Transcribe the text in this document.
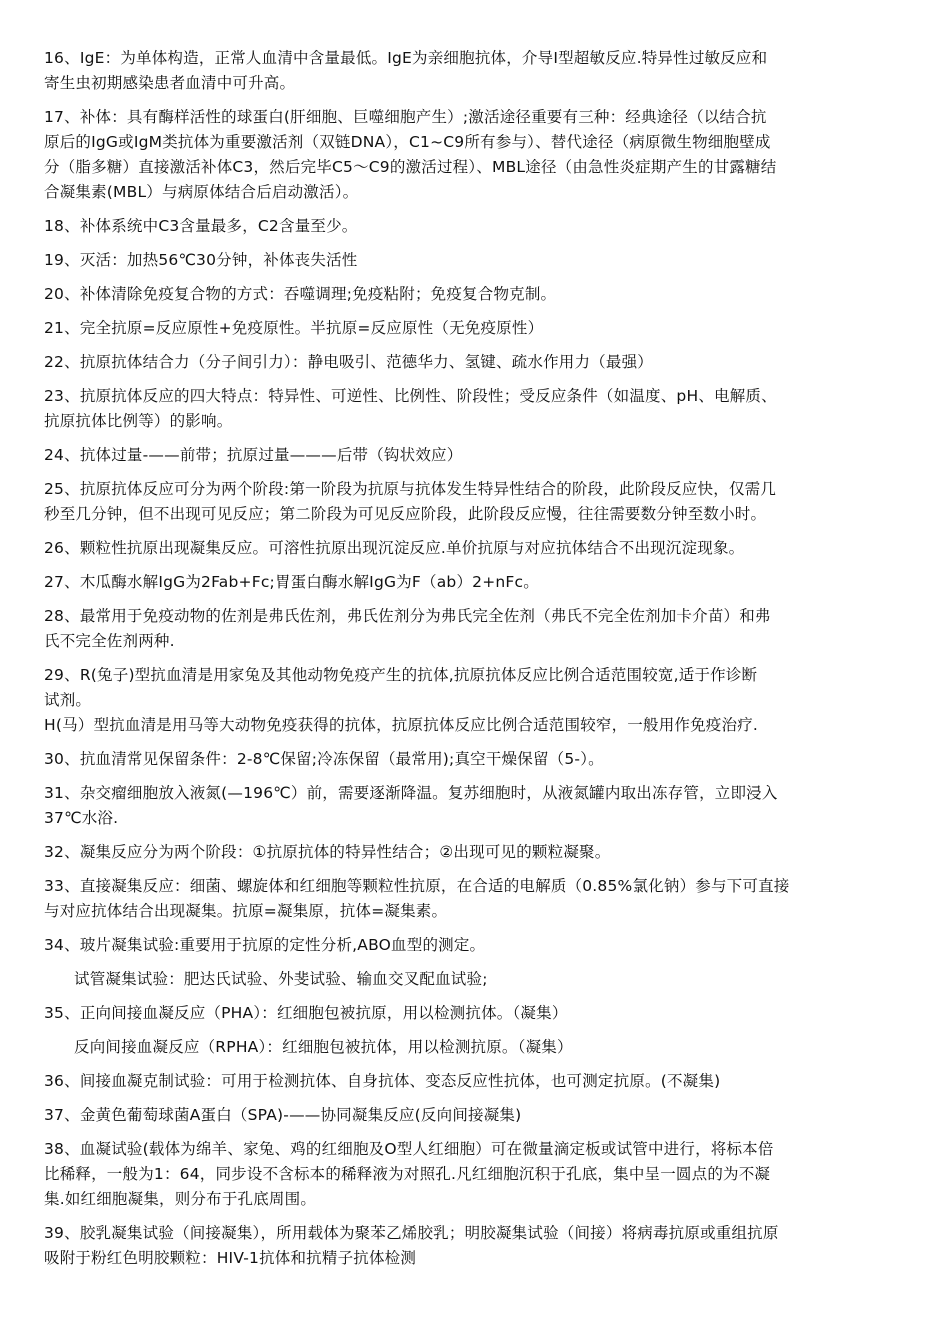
16、IgE：为单体构造，正常人血清中含量最低。IgE为亲细胞抗体，介导Ⅰ型超敏反应.特异性过敏反应和
寄生虫初期感染患者血清中可升高。
17、补体：具有酶样活性的球蛋白(肝细胞、巨噬细胞产生）;激活途径重要有三种：经典途径（以结合抗
原后的IgG或IgM类抗体为重要激活剂（双链DNA），C1~C9所有参与）、替代途径（病原微生物细胞壁成
分（脂多糖）直接激活补体C3，然后完毕C5～C9的激活过程）、MBL途径（由急性炎症期产生的甘露糖结
合凝集素(MBL）与病原体结合后启动激活）。
18、补体系统中C3含量最多，C2含量至少。
19、灭活：加热56℃30分钟，补体丧失活性
20、补体清除免疫复合物的方式：吞噬调理;免疫粘附；免疫复合物克制。
21、完全抗原=反应原性+免疫原性。半抗原=反应原性（无免疫原性）
22、抗原抗体结合力（分子间引力）：静电吸引、范德华力、氢键、疏水作用力（最强）
23、抗原抗体反应的四大特点：特异性、可逆性、比例性、阶段性；受反应条件（如温度、pH、电解质、
抗原抗体比例等）的影响。
24、抗体过量-——前带；抗原过量———后带（钩状效应）
25、抗原抗体反应可分为两个阶段:第一阶段为抗原与抗体发生特异性结合的阶段，此阶段反应快，仅需几
秒至几分钟，但不出现可见反应；第二阶段为可见反应阶段，此阶段反应慢，往往需要数分钟至数小时。
26、颗粒性抗原出现凝集反应。可溶性抗原出现沉淀反应.单价抗原与对应抗体结合不出现沉淀现象。
27、木瓜酶水解IgG为2Fab+Fc;胃蛋白酶水解IgG为F（ab）2+nFc。
28、最常用于免疫动物的佐剂是弗氏佐剂，弗氏佐剂分为弗氏完全佐剂（弗氏不完全佐剂加卡介苗）和弗
氏不完全佐剂两种.
29、R(兔子)型抗血清是用家兔及其他动物免疫产生的抗体,抗原抗体反应比例合适范围较宽,适于作诊断
试剂。
H(马）型抗血清是用马等大动物免疫获得的抗体，抗原抗体反应比例合适范围较窄，一般用作免疫治疗.
30、抗血清常见保留条件：2-8℃保留;冷冻保留（最常用);真空干燥保留（5-）。
31、杂交瘤细胞放入液氮(—196℃）前，需要逐渐降温。复苏细胞时，从液氮罐内取出冻存管，立即浸入
37℃水浴.
32、凝集反应分为两个阶段：①抗原抗体的特异性结合；②出现可见的颗粒凝聚。
33、直接凝集反应：细菌、螺旋体和红细胞等颗粒性抗原，在合适的电解质（0.85%氯化钠）参与下可直接
与对应抗体结合出现凝集。抗原=凝集原，抗体=凝集素。
34、玻片凝集试验:重要用于抗原的定性分析,ABO血型的测定。
试管凝集试验：肥达氏试验、外斐试验、输血交叉配血试验;
35、正向间接血凝反应（PHA）：红细胞包被抗原，用以检测抗体。（凝集）
反向间接血凝反应（RPHA）：红细胞包被抗体，用以检测抗原。（凝集）
36、间接血凝克制试验：可用于检测抗体、自身抗体、变态反应性抗体，也可测定抗原。(不凝集)
37、金黄色葡萄球菌A蛋白（SPA)-——协同凝集反应(反向间接凝集)
38、血凝试验(载体为绵羊、家兔、鸡的红细胞及O型人红细胞）可在微量滴定板或试管中进行，将标本倍
比稀释，一般为1：64，同步设不含标本的稀释液为对照孔.凡红细胞沉积于孔底，集中呈一圆点的为不凝
集.如红细胞凝集，则分布于孔底周围。
39、胶乳凝集试验（间接凝集），所用载体为聚苯乙烯胶乳；明胶凝集试验（间接）将病毒抗原或重组抗原
吸附于粉红色明胶颗粒：HIV-1抗体和抗精子抗体检测
